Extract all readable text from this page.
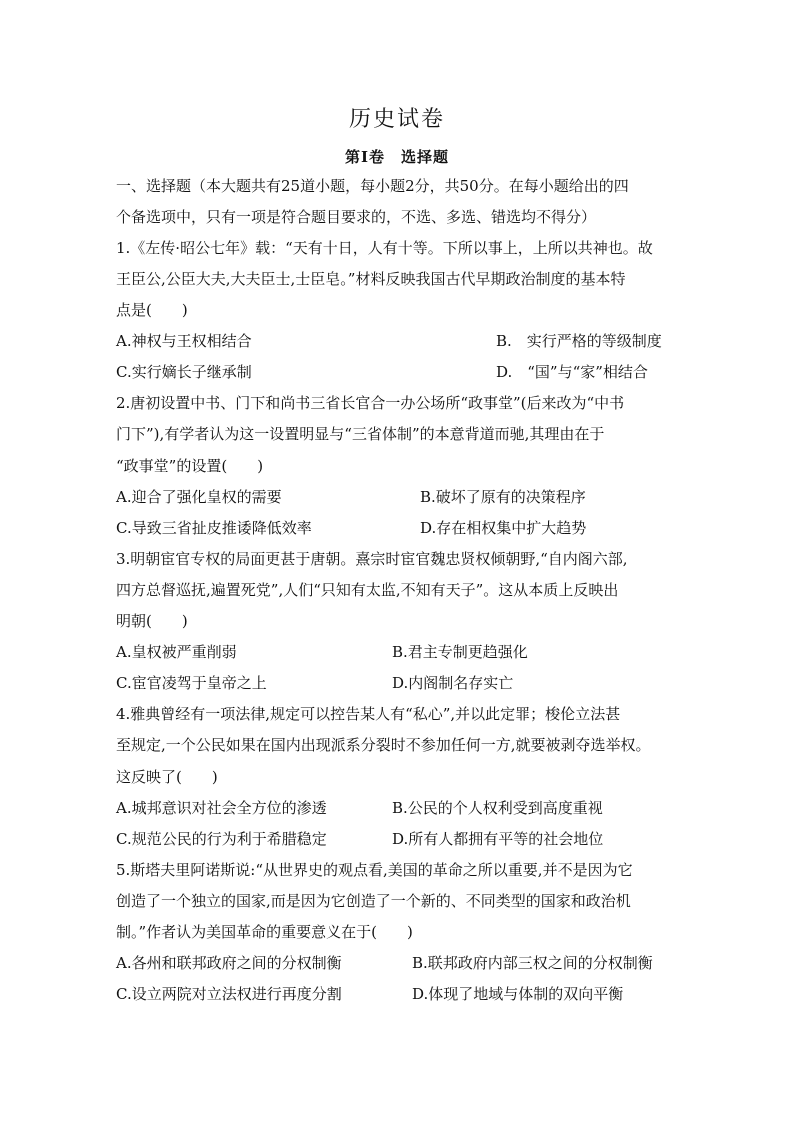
历史试卷
第Ⅰ卷　选择题
一、选择题（本大题共有25道小题，每小题2分，共50分。在每小题给出的四
个备选项中，只有一项是符合题目要求的，不选、多选、错选均不得分）
1.《左传·昭公七年》载：“天有十日，人有十等。下所以事上，上所以共神也。故
王臣公,公臣大夫,大夫臣士,士臣皂。”材料反映我国古代早期政治制度的基本特
点是(　　)
A.神权与王权相结合	B.　实行严格的等级制度
C.实行嫡长子继承制	D.　“国”与“家”相结合
2.唐初设置中书、门下和尚书三省长官合一办公场所“政事堂”(后来改为“中书
门下”),有学者认为这一设置明显与“三省体制”的本意背道而驰,其理由在于
“政事堂”的设置(　　)
A.迎合了强化皇权的需要	B.破坏了原有的决策程序
C.导致三省扯皮推诿降低效率	D.存在相权集中扩大趋势
3.明朝宦官专权的局面更甚于唐朝。熹宗时宦官魏忠贤权倾朝野,“自内阁六部,
四方总督巡抚,遍置死党”,人们“只知有太监,不知有天子”。这从本质上反映出
明朝(　　)
A.皇权被严重削弱	B.君主专制更趋强化
C.宦官凌驾于皇帝之上	D.内阁制名存实亡
4.雅典曾经有一项法律,规定可以控告某人有“私心”,并以此定罪；梭伦立法甚
至规定,一个公民如果在国内出现派系分裂时不参加任何一方,就要被剥夺选举权。
这反映了(　　)
A.城邦意识对社会全方位的渗透	B.公民的个人权利受到高度重视
C.规范公民的行为利于希腊稳定	D.所有人都拥有平等的社会地位
5.斯塔夫里阿诺斯说:“从世界史的观点看,美国的革命之所以重要,并不是因为它
创造了一个独立的国家,而是因为它创造了一个新的、不同类型的国家和政治机
制。”作者认为美国革命的重要意义在于(　　)
A.各州和联邦政府之间的分权制衡	B.联邦政府内部三权之间的分权制衡
C.设立两院对立法权进行再度分割	D.体现了地域与体制的双向平衡
